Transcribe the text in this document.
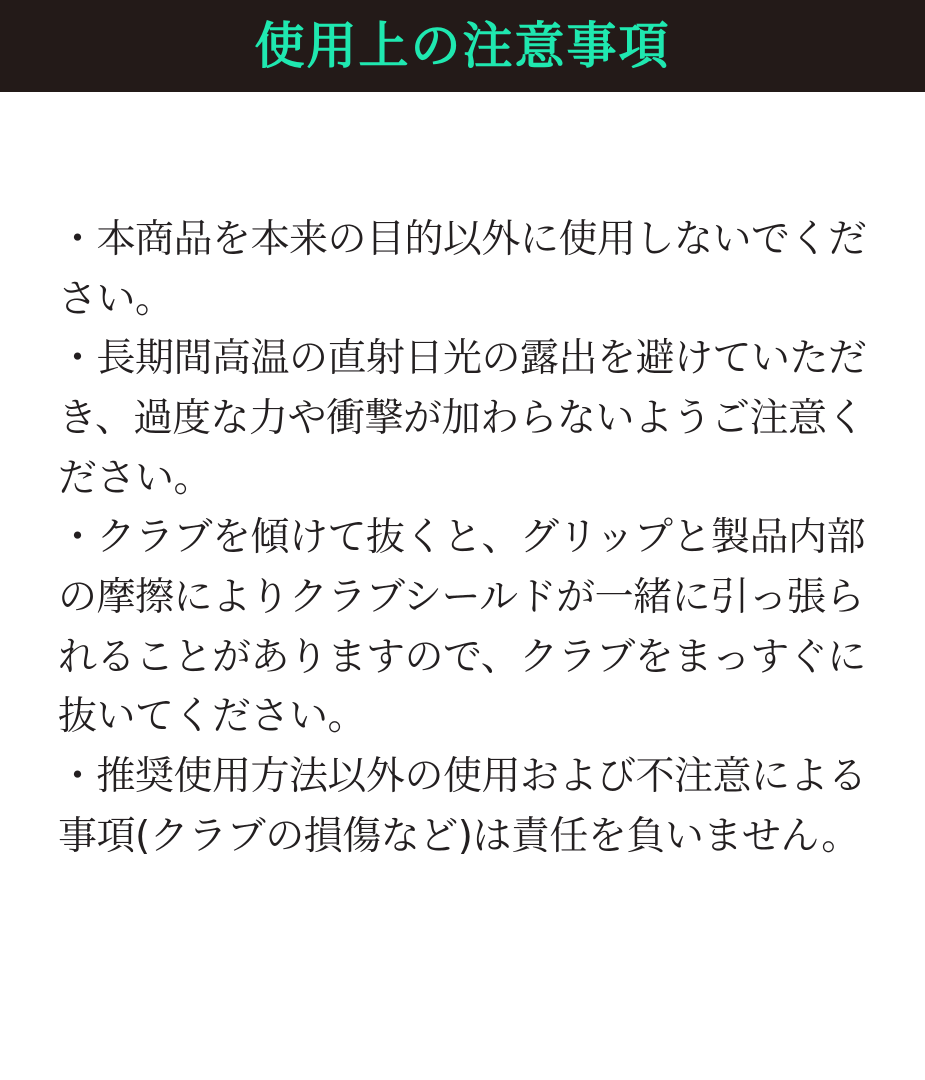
使用上の注意事項
・本商品を本来の目的以外に使用しないでください。
・長期間高温の直射日光の露出を避けていただき、過度な力や衝撃が加わらないようご注意ください。
・クラブを傾けて抜くと、グリップと製品内部の摩擦によりクラブシールドが一緒に引っ張られることがありますので、クラブをまっすぐに抜いてください。
・推奨使用方法以外の使用および不注意による事項(クラブの損傷など)は責任を負いません。
